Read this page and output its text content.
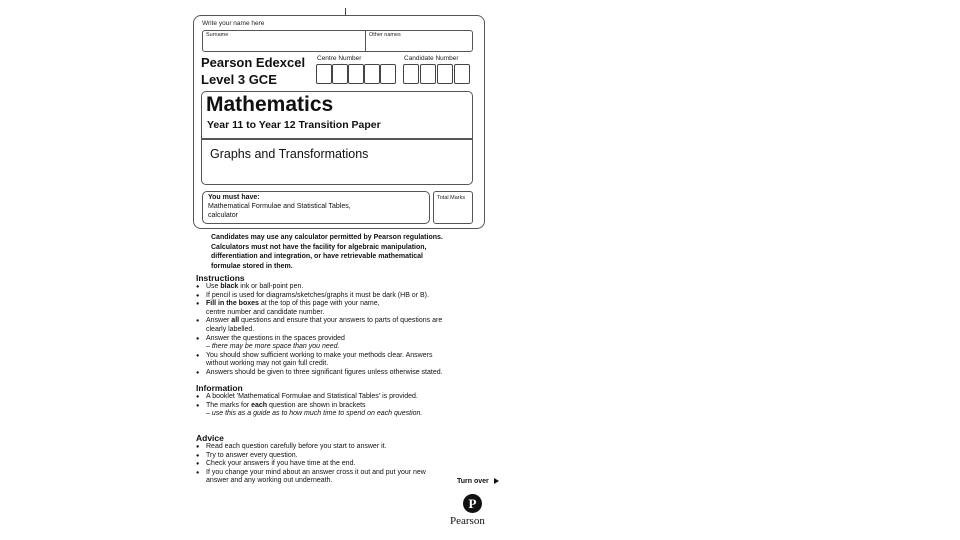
Write your name here
Surname	Other names
Pearson Edexcel
Level 3 GCE
Centre Number	Candidate Number
Mathematics
Year 11 to Year 12 Transition Paper
Graphs and Transformations
You must have:
Mathematical Formulae and Statistical Tables,
calculator
Total Marks
Candidates may use any calculator permitted by Pearson regulations.
Calculators must not have the facility for algebraic manipulation,
differentiation and integration, or have retrievable mathematical
formulae stored in them.
Instructions
● Use black ink or ball-point pen.
● If pencil is used for diagrams/sketches/graphs it must be dark (HB or B).
● Fill in the boxes at the top of this page with your name,
centre number and candidate number.
● Answer all questions and ensure that your answers to parts of questions are
clearly labelled.
● Answer the questions in the spaces provided
– there may be more space than you need.
● You should show sufficient working to make your methods clear. Answers
without working may not gain full credit.
● Answers should be given to three significant figures unless otherwise stated.
Information
● A booklet 'Mathematical Formulae and Statistical Tables' is provided.
● The marks for each question are shown in brackets
– use this as a guide as to how much time to spend on each question.
Advice
● Read each question carefully before you start to answer it.
● Try to answer every question.
● Check your answers if you have time at the end.
● If you change your mind about an answer cross it out and put your new
answer and any working out underneath.	Turn over
P
Pearson
